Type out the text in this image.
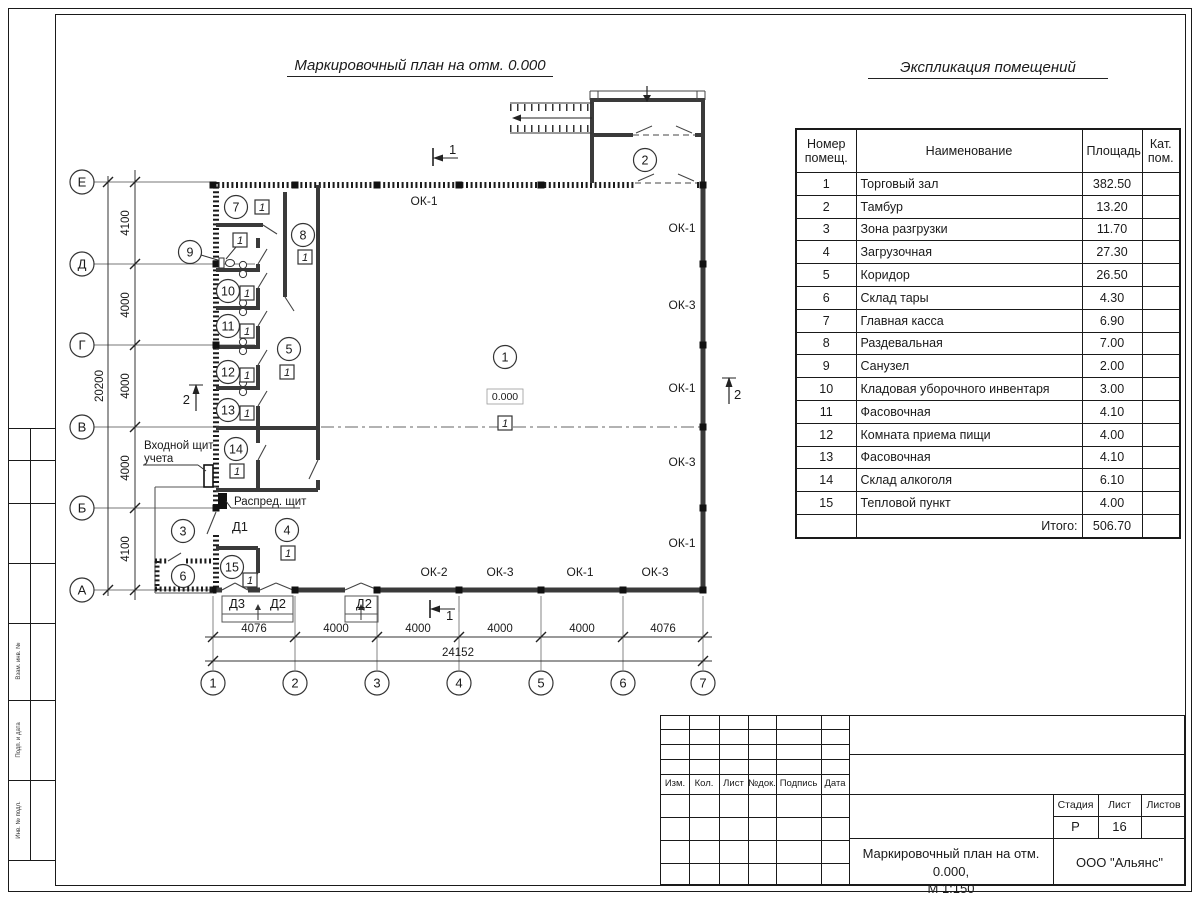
Взам. инв. №
Подп. и дата
Инв. № подл.
Маркировочный план на отм. 0.000	Экспликация помещений
Номер помещ.	Наименование	Площадь	Кат. пом.
1	Торговый зал	382.50	
2	Тамбур	13.20	
3	Зона разгрузки	11.70	
4	Загрузочная	27.30	
5	Коридор	26.50	
6	Склад тары	4.30	
7	Главная касса	6.90	
8	Раздевальная	7.00	
9	Санузел	2.00	
10	Кладовая уборочного инвентаря	3.00	
11	Фасовочная	4.10	
12	Комната приема пищи	4.00	
13	Фасовочная	4.10	
14	Склад алкоголя	6.10	
15	Тепловой пункт	4.00	
	Итого:	506.70	
4100
4000
4000
4000
4100
20200
4076	4000	4000	4000	4000	4076
24152
Е
Д
Г
В
Б
А
1	2	3	4	5	6	7
Входной щит
учета
Распред. щит
1
1
2	2
1
2
3	4
5
6
7
8
9
10
11
12
13
14
15
1
1
1
1
1
1
1
1
1
1
1
1
0.000
ОК-1
ОК-1
ОК-3
ОК-1
ОК-3
ОК-1
ОК-2	ОК-3	ОК-1	ОК-3
Д1
Д3 Д2	Д2
Изм. Кол.	Лист №док. Подпись Дата
Стадия	Лист	Листов
Р	16
Маркировочный план на отм. 0.000,
М 1:150
ООО "Альянс"
